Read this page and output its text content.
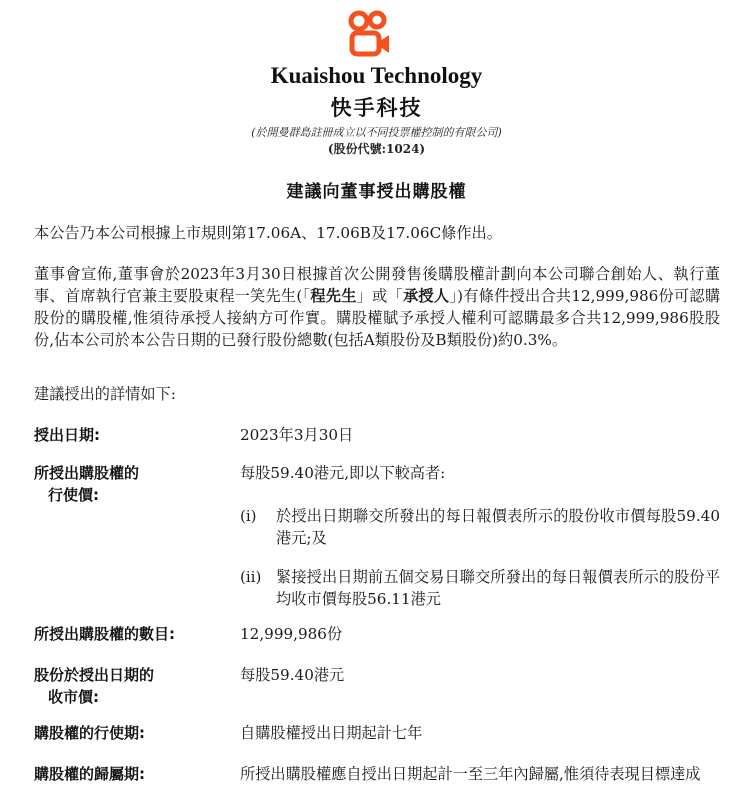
Kuaishou Technology
快手科技
(於開曼群島註冊成立以不同投票權控制的有限公司)
(股份代號:1024)
建議向董事授出購股權
本公告乃本公司根據上市規則第17.06A、17.06B及17.06C條作出。
董事會宣佈,董事會於2023年3月30日根據首次公開發售後購股權計劃向本公司聯合創始人、執行董事、首席執行官兼主要股東程一笑先生(「程先生」或「承授人」)有條件授出合共12,999,986份可認購股份的購股權,惟須待承授人接納方可作實。購股權賦予承授人權利可認購最多合共12,999,986股股份,佔本公司於本公告日期的已發行股份總數(包括A類股份及B類股份)約0.3%。
建議授出的詳情如下:
授出日期:	2023年3月30日
所授出購股權的
行使價:
每股59.40港元,即以下較高者:
(i)	於授出日期聯交所發出的每日報價表所示的股份收市價每股59.40港元;及
(ii) 緊接授出日期前五個交易日聯交所發出的每日報價表所示的股份平均收市價每股56.11港元
所授出購股權的數目:	12,999,986份
股份於授出日期的
收市價:
每股59.40港元
購股權的行使期:	自購股權授出日期起計七年
購股權的歸屬期:	所授出購股權應自授出日期起計一至三年內歸屬,惟須待表現目標達成
